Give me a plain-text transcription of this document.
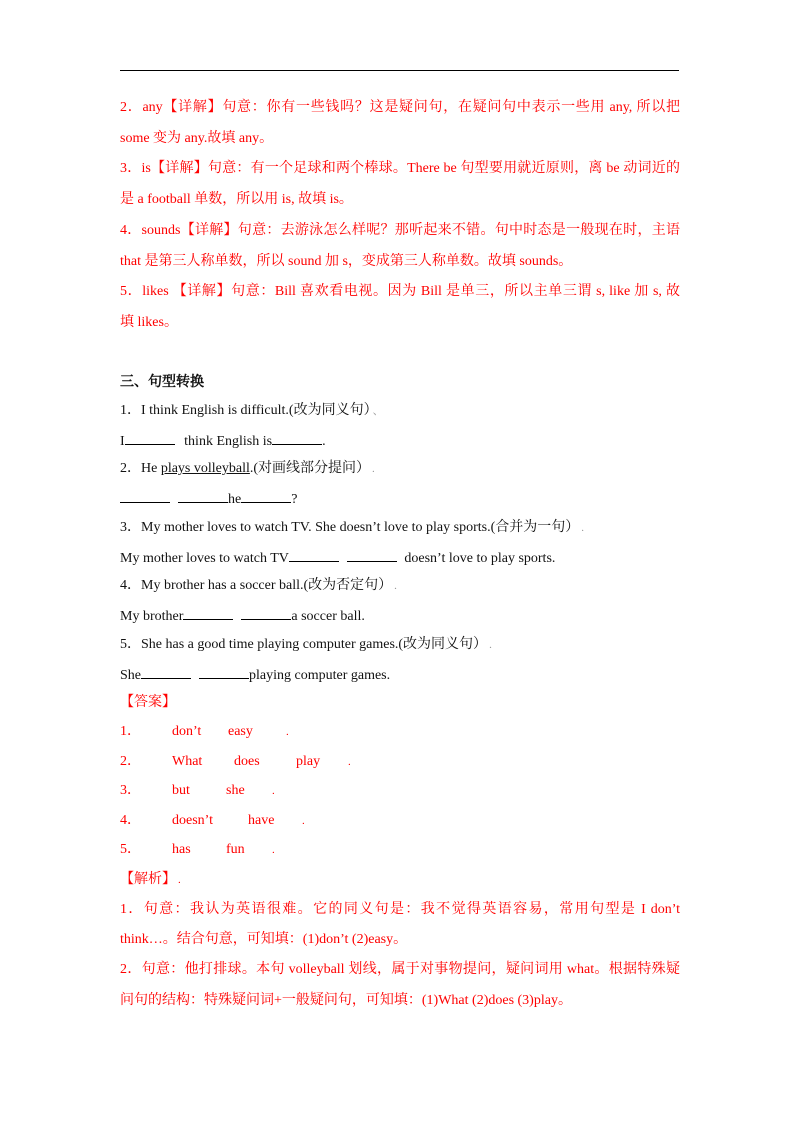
2．any【详解】句意：你有一些钱吗？这是疑问句，在疑问句中表示一些用 any, 所以把
some 变为 any.故填 any。
3．is【详解】句意：有一个足球和两个棒球。There be 句型要用就近原则，离 be 动词近的
是 a football 单数，所以用 is, 故填 is。
4．sounds【详解】句意：去游泳怎么样呢？那听起来不错。句中时态是一般现在时，主语
that 是第三人称单数，所以 sound 加 s，变成第三人称单数。故填 sounds。
5．likes 【详解】句意：Bill 喜欢看电视。因为 Bill 是单三，所以主单三谓 s, like 加 s, 故
填 likes。
三、句型转换
1．I think English is difficult.(改为同义句） 、
I	think English is	.
2．He plays volleyball.(对画线部分提问） .
he	?
3．My mother loves to watch TV. She doesn’t love to play sports.(合并为一句） .
My mother loves to watch TV	doesn’t love to play sports.
4．My brother has a soccer ball.(改为否定句） .
My brother	a soccer ball.
5．She has a good time playing computer games.(改为同义句） .
She	playing computer games.
【答案】
1． don’t easy	.
2． What does	play	.
3． but	she .
4． doesn’t	have	.
5． has	fun .
【解析】 .
1．句意：我认为英语很难。它的同义句是：我不觉得英语容易，常用句型是 I don’t
think…。结合句意，可知填：(1)don’t (2)easy。
2．句意：他打排球。本句 volleyball 划线，属于对事物提问，疑问词用 what。根据特殊疑
问句的结构：特殊疑问词+一般疑问句，可知填：(1)What (2)does (3)play。
